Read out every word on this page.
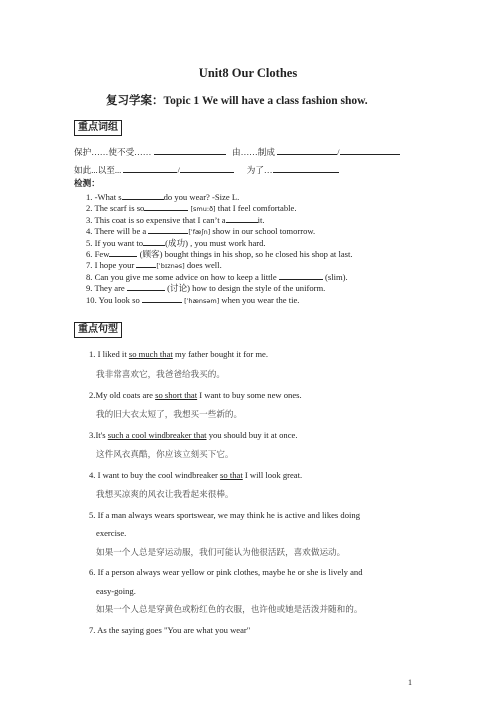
Unit8 Our Clothes
复习学案：Topic 1 We will have a class fashion show.
重点词组
保护……使不受……	由……制成	/
如此...以至...	/	为了…
检测：
1. -What s	do you wear? -Size L.
2. The scarf is so	[smu:ð] that I feel comfortable.
3. This coat is so expensive that I can’t a	it.
4. There will be a	[ˈfæʃn] show in our school tomorrow.
5. If you want to	(成功) , you must work hard.
6. Few	(顾客) bought things in his shop, so he closed his shop at last.
7. I hope your	[ˈbɪznəs] does well.
8. Can you give me some advice on how to keep a little	(slim).
9. They are	(讨论) how to design the style of the uniform.
10. You look so	[ˈhænsəm] when you wear the tie.
重点句型
1. I liked it so much that my father bought it for me.
我非常喜欢它，我爸爸给我买的。
2.My old coats are so short that I want to buy some new ones.
我的旧大衣太短了，我想买一些新的。
3.It's such a cool windbreaker that you should buy it at once.
这件风衣真酷，你应该立刻买下它。
4. I want to buy the cool windbreaker so that I will look great.
我想买凉爽的风衣让我看起来很棒。
5. If a man always wears sportswear, we may think he is active and likes doing
exercise.
如果一个人总是穿运动服，我们可能认为他很活跃，喜欢做运动。
6. If a person always wear yellow or pink clothes, maybe he or she is lively and
easy-going.
如果一个人总是穿黄色或粉红色的衣服，也许他或她是活泼并随和的。
7. As the saying goes "You are what you wear"
1
